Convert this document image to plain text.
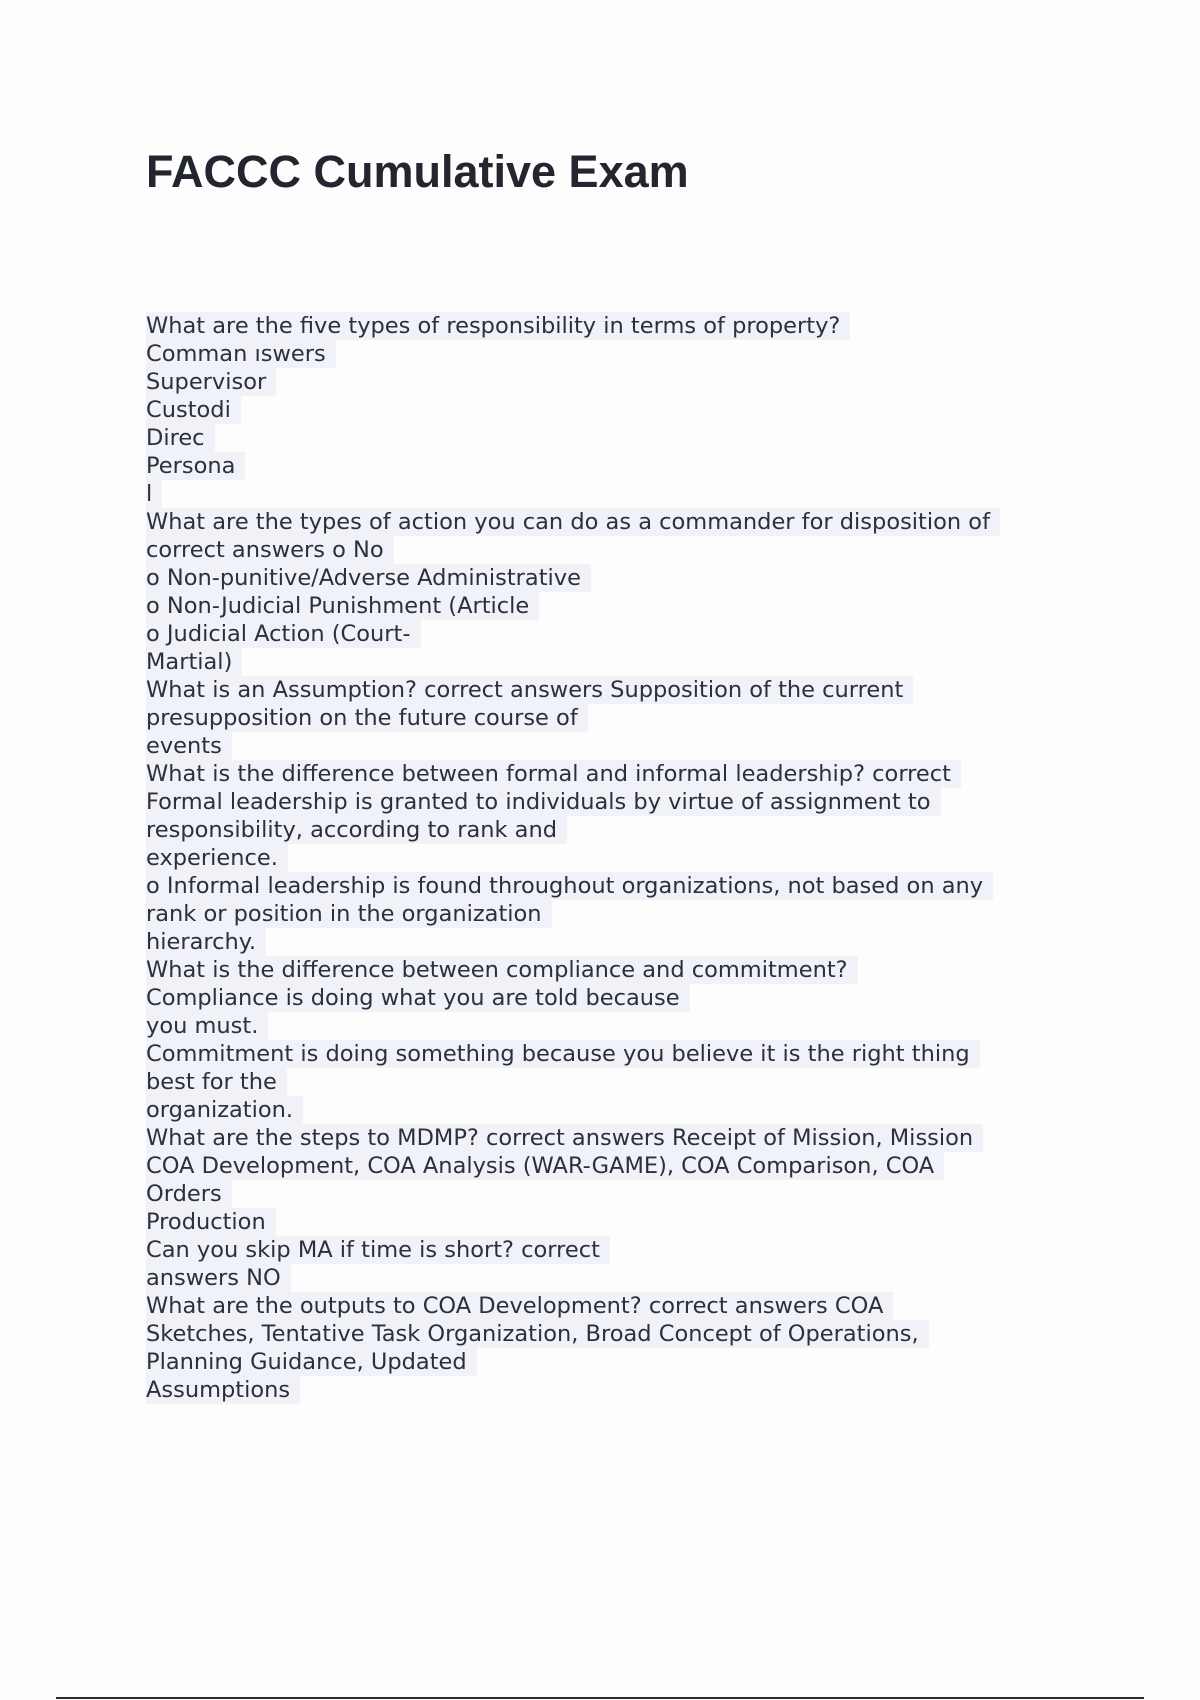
FACCC Cumulative Exam
What are the five types of responsibility in terms of property?
Comman ıswers
Supervisor
Custodi
Direc
Persona
l
What are the types of action you can do as a commander for disposition of
correct answers o No
o Non-punitive/Adverse Administrative
o Non-Judicial Punishment (Article
o Judicial Action (Court-
Martial)
What is an Assumption? correct answers Supposition of the current
presupposition on the future course of
events
What is the difference between formal and informal leadership? correct
Formal leadership is granted to individuals by virtue of assignment to
responsibility, according to rank and
experience.
o Informal leadership is found throughout organizations, not based on any
rank or position in the organization
hierarchy.
What is the difference between compliance and commitment?
Compliance is doing what you are told because
you must.
Commitment is doing something because you believe it is the right thing
best for the
organization.
What are the steps to MDMP? correct answers Receipt of Mission, Mission
COA Development, COA Analysis (WAR-GAME), COA Comparison, COA
Orders
Production
Can you skip MA if time is short? correct
answers NO
What are the outputs to COA Development? correct answers COA
Sketches, Tentative Task Organization, Broad Concept of Operations,
Planning Guidance, Updated
Assumptions
